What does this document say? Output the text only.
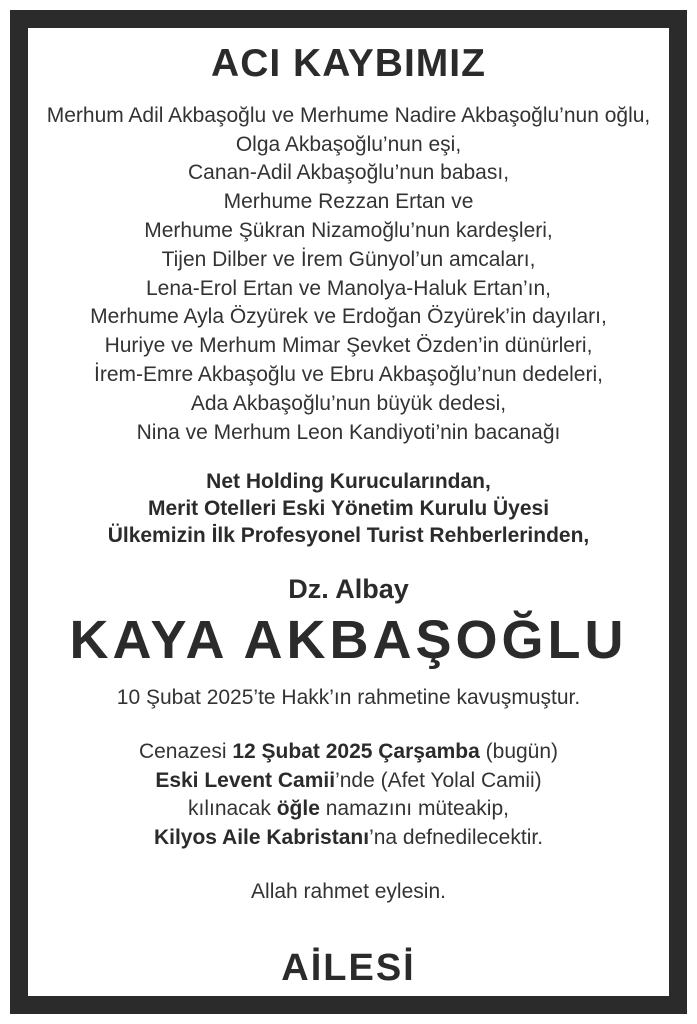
ACI KAYBIMIZ

Merhum Adil Akbaşoğlu ve Merhume Nadire Akbaşoğlu’nun oğlu,

Olga Akbaşoğlu’nun eşi,

Canan-Adil Akbaşoğlu’nun babası,

Merhume Rezzan Ertan ve

Merhume Şükran Nizamoğlu’nun kardeşleri,

Tijen Dilber ve İrem Günyol’un amcaları,

Lena-Erol Ertan ve Manolya-Haluk Ertan’ın,

Merhume Ayla Özyürek ve Erdoğan Özyürek’in dayıları,

Huriye ve Merhum Mimar Şevket Özden’in dünürleri,

İrem-Emre Akbaşoğlu ve Ebru Akbaşoğlu’nun dedeleri,

Ada Akbaşoğlu’nun büyük dedesi,

Nina ve Merhum Leon Kandiyoti’nin bacanağı

Net Holding Kurucularından,

Merit Otelleri Eski Yönetim Kurulu Üyesi

Ülkemizin İlk Profesyonel Turist Rehberlerinden,

Dz. Albay

KAYA AKBAŞOĞLU

10 Şubat 2025’te Hakk’ın rahmetine kavuşmuştur.

Cenazesi 12 Şubat 2025 Çarşamba (bugün)

Eski Levent Camii’nde (Afet Yolal Camii)

kılınacak öğle namazını müteakip,

Kilyos Aile Kabristanı’na defnedilecektir.

Allah rahmet eylesin.

AİLESİ
